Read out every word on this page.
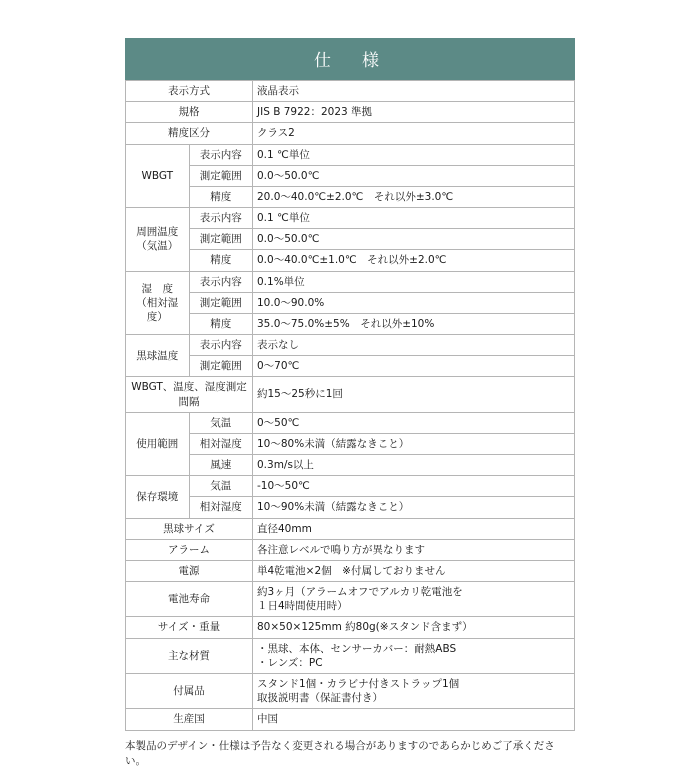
仕　様
表示方式		液晶表示
規格		JIS B 7922：2023 準拠
精度区分		クラス2
WBGT	表示内容	0.1 ℃単位
	測定範囲	0.0〜50.0℃
	精度	20.0〜40.0℃±2.0℃　それ以外±3.0℃
周囲温度
（気温）	表示内容	0.1 ℃単位
	測定範囲	0.0〜50.0℃
	精度	0.0〜40.0℃±1.0℃　それ以外±2.0℃
湿　度
（相対湿度）	表示内容	0.1%単位
	測定範囲	10.0〜90.0%
	精度	35.0〜75.0%±5%　それ以外±10%
黒球温度	表示内容	表示なし
	測定範囲	0〜70℃
WBGT、温度、湿度測定間隔		約15〜25秒に1回
使用範囲	気温	0〜50℃
	相対湿度	10〜80%未満（結露なきこと）
	風速	0.3m/s以上
保存環境	気温	-10〜50℃
	相対湿度	10〜90%未満（結露なきこと）
黒球サイズ		直径40mm
アラーム		各注意レベルで鳴り方が異なります
電源		単4乾電池×2個　※付属しておりません
電池寿命		約3ヶ月（アラームオフでアルカリ乾電池を
１日4時間使用時）
サイズ・重量		80×50×125mm 約80g(※スタンド含まず）
主な材質		・黒球、本体、センサーカバー：耐熱ABS
・レンズ：PC
付属品		スタンド1個・カラビナ付きストラップ1個
取扱説明書（保証書付き）
生産国		中国
本製品のデザイン・仕様は予告なく変更される場合がありますのであらかじめご了承ください。
